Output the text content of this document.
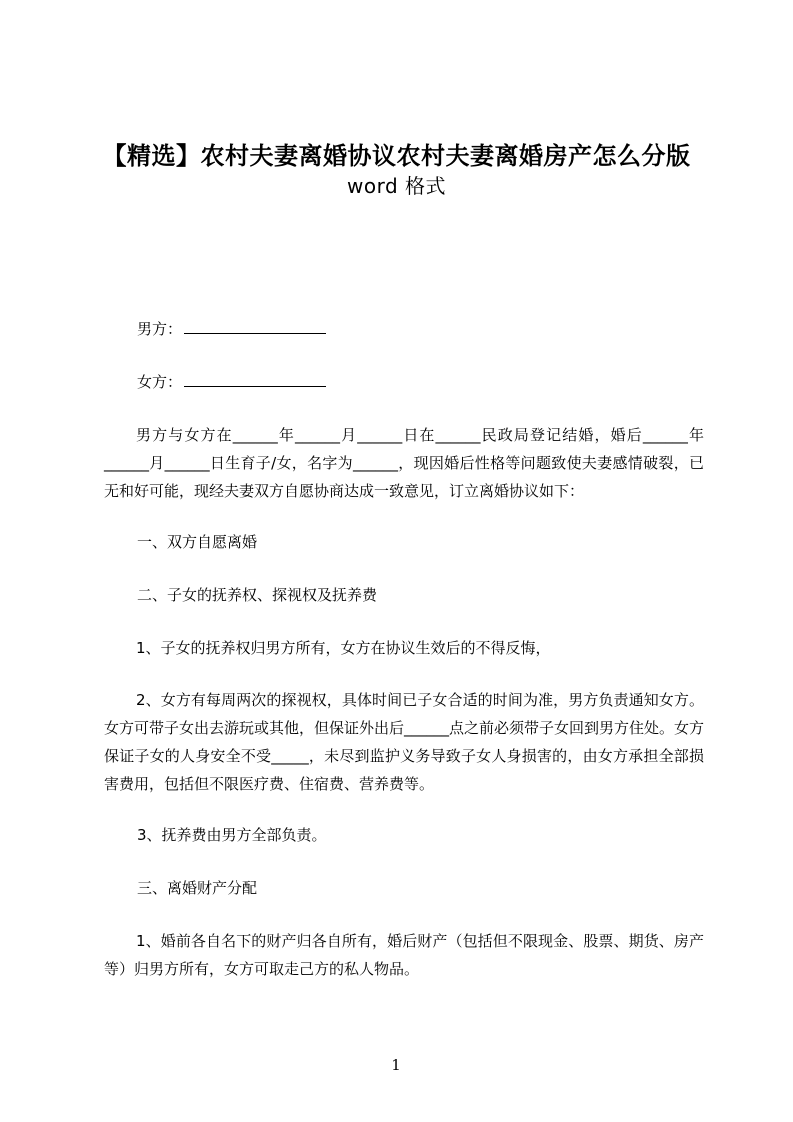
【精选】农村夫妻离婚协议农村夫妻离婚房产怎么分版
word 格式
男方：
女方：
男方与女方在______年______月______日在______民政局登记结婚，婚后______年______月______日生育子/女，名字为______，现因婚后性格等问题致使夫妻感情破裂，已无和好可能，现经夫妻双方自愿协商达成一致意见，订立离婚协议如下：
一、双方自愿离婚
二、子女的抚养权、探视权及抚养费
1、子女的抚养权归男方所有，女方在协议生效后的不得反悔，
2、女方有每周两次的探视权，具体时间已子女合适的时间为准，男方负责通知女方。女方可带子女出去游玩或其他，但保证外出后______点之前必须带子女回到男方住处。女方保证子女的人身安全不受_____，未尽到监护义务导致子女人身损害的，由女方承担全部损害费用，包括但不限医疗费、住宿费、营养费等。
3、抚养费由男方全部负责。
三、离婚财产分配
1、婚前各自名下的财产归各自所有，婚后财产（包括但不限现金、股票、期货、房产等）归男方所有，女方可取走己方的私人物品。
1
